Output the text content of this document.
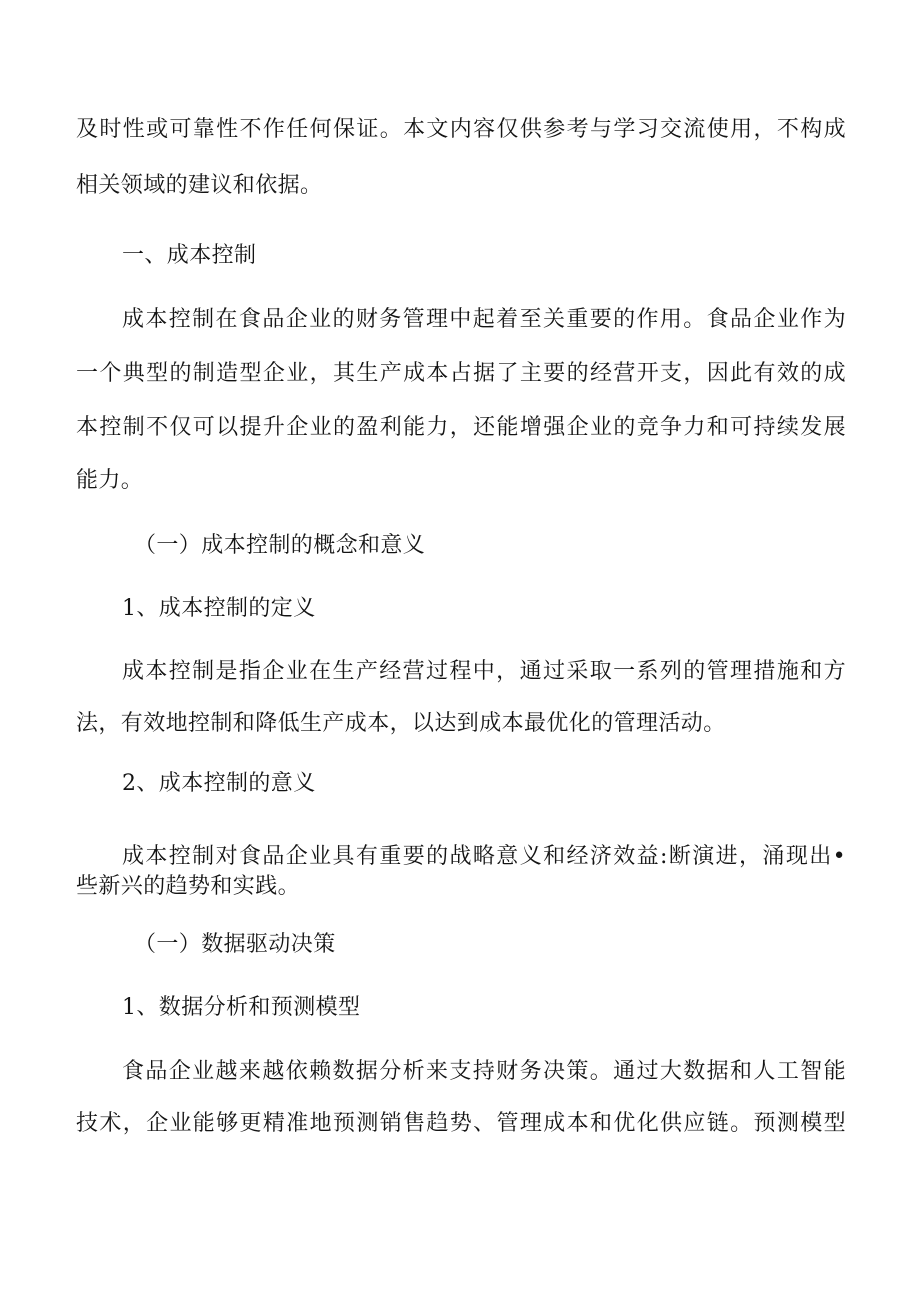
及时性或可靠性不作任何保证。本文内容仅供参考与学习交流使用，不构成
相关领域的建议和依据。
一、成本控制
成本控制在食品企业的财务管理中起着至关重要的作用。食品企业作为
一个典型的制造型企业，其生产成本占据了主要的经营开支，因此有效的成
本控制不仅可以提升企业的盈利能力，还能增强企业的竞争力和可持续发展
能力。
（一）成本控制的概念和意义
1、成本控制的定义
成本控制是指企业在生产经营过程中，通过采取一系列的管理措施和方
法，有效地控制和降低生产成本，以达到成本最优化的管理活动。
2、成本控制的意义
成本控制对食品企业具有重要的战略意义和经济效益:断演进，涌现出•
些新兴的趋势和实践。
（一）数据驱动决策
1、数据分析和预测模型
食品企业越来越依赖数据分析来支持财务决策。通过大数据和人工智能
技术，企业能够更精准地预测销售趋势、管理成本和优化供应链。预测模型
